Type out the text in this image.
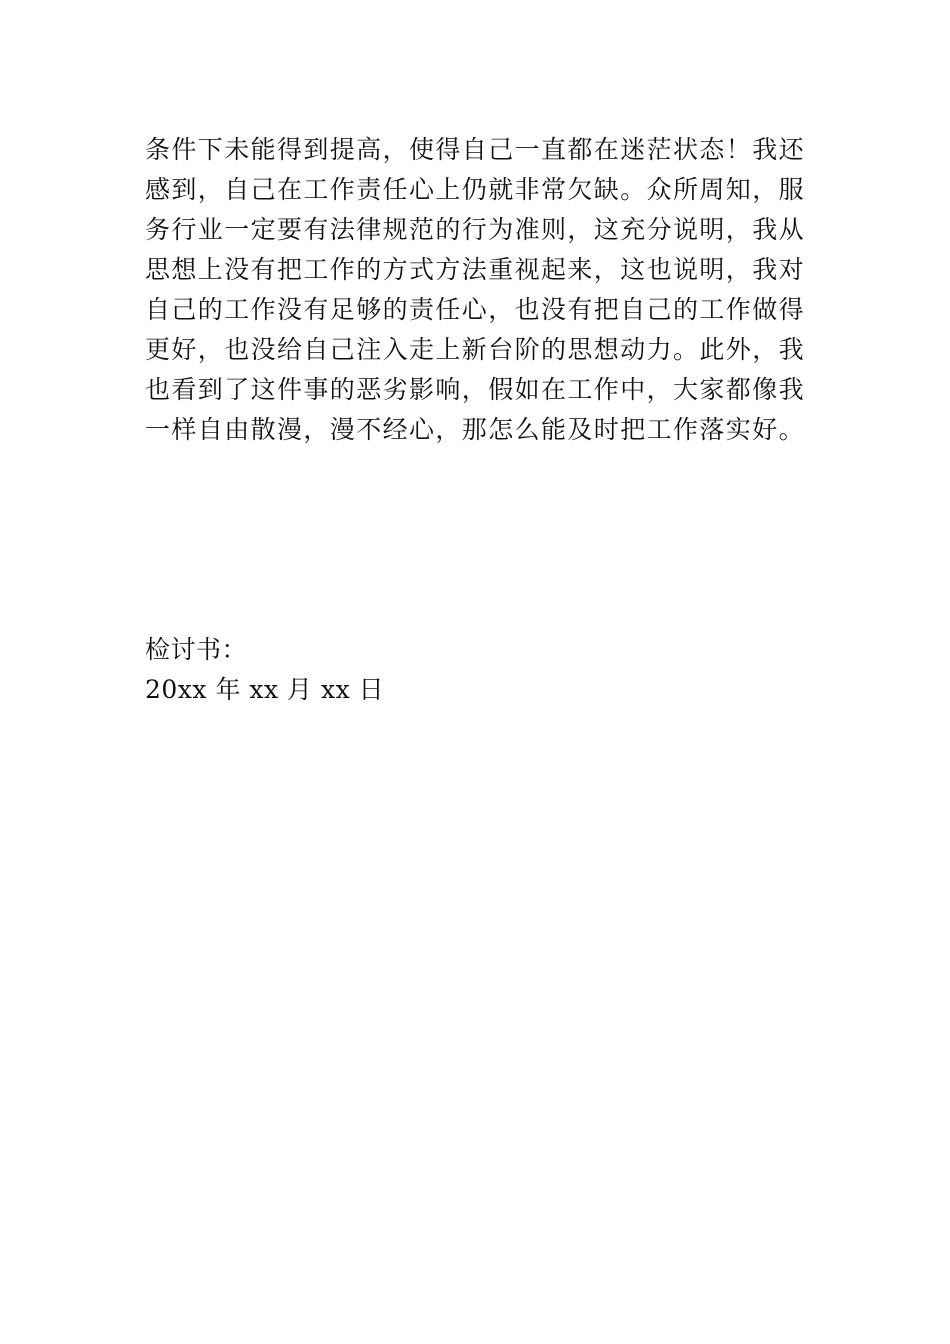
条件下未能得到提高，使得自己一直都在迷茫状态！我还
感到，自己在工作责任心上仍就非常欠缺。众所周知，服
务行业一定要有法律规范的行为准则，这充分说明，我从
思想上没有把工作的方式方法重视起来，这也说明，我对
自己的工作没有足够的责任心，也没有把自己的工作做得
更好，也没给自己注入走上新台阶的思想动力。此外，我
也看到了这件事的恶劣影响，假如在工作中，大家都像我
一样自由散漫，漫不经心，那怎么能及时把工作落实好。
检讨书：
20xx 年 xx 月 xx 日
